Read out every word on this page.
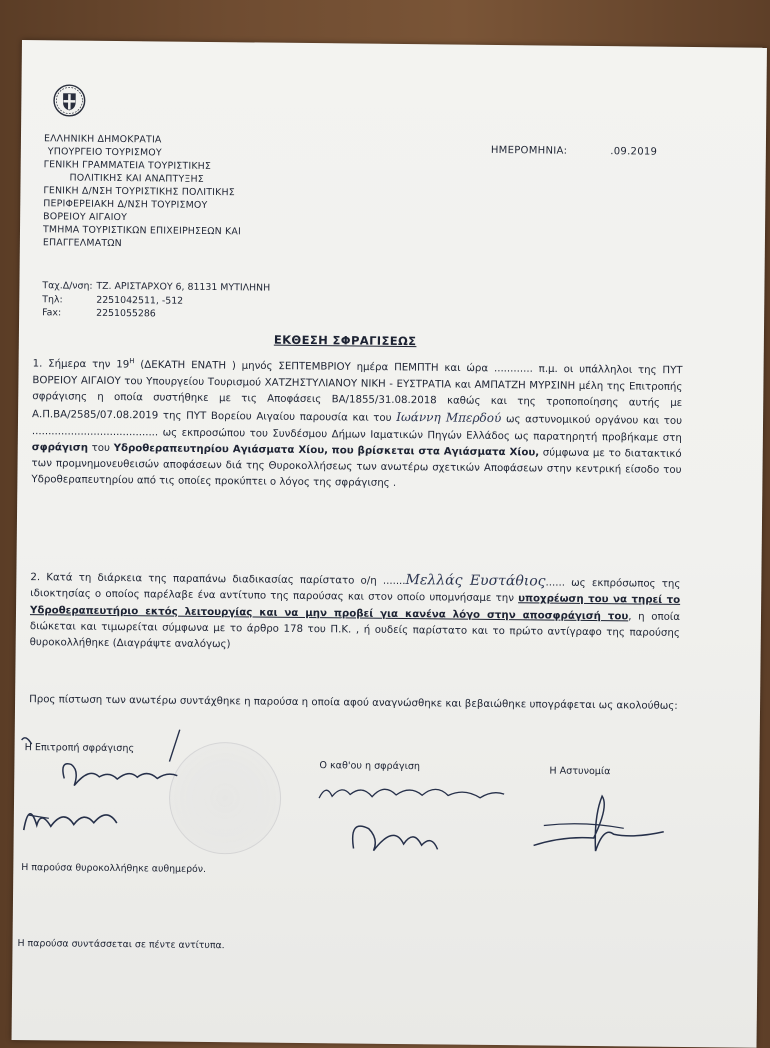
ΕΛΛΗΝΙΚΗ ΔΗΜΟΚΡΑΤΙΑ
ΥΠΟΥΡΓΕΙΟ ΤΟΥΡΙΣΜΟΥ
ΓΕΝΙΚΗ ΓΡΑΜΜΑΤΕΙΑ ΤΟΥΡΙΣΤΙΚΗΣ
ΠΟΛΙΤΙΚΗΣ ΚΑΙ ΑΝΑΠΤΥΞΗΣ
ΓΕΝΙΚΗ Δ/ΝΣΗ ΤΟΥΡΙΣΤΙΚΗΣ ΠΟΛΙΤΙΚΗΣ
ΠΕΡΙΦΕΡΕΙΑΚΗ Δ/ΝΣΗ ΤΟΥΡΙΣΜΟΥ
ΒΟΡΕΙΟΥ ΑΙΓΑΙΟΥ
ΤΜΗΜΑ ΤΟΥΡΙΣΤΙΚΩΝ ΕΠΙΧΕΙΡΗΣΕΩΝ ΚΑΙ
ΕΠΑΓΓΕΛΜΑΤΩΝ
Ταχ.Δ/νση: ΤΖ. ΑΡΙΣΤΑΡΧΟΥ 6, 81131 ΜΥΤΙΛΗΝΗ
Τηλ:	2251042511, -512
Fax:	2251055286
ΗΜΕΡΟΜΗΝΙΑ:	.09.2019
ΕΚΘΕΣΗ ΣΦΡΑΓΙΣΕΩΣ
1. Σήμερα την $19^H$ (ΔΕΚΑΤΗ ΕΝΑΤΗ ) μηνός ΣΕΠΤΕΜΒΡΙΟΥ ημέρα ΠΕΜΠΤΗ και ώρα ............ π.μ. οι υπάλληλοι της ΠΥΤ ΒΟΡΕΙΟΥ ΑΙΓΑΙΟΥ του Υπουργείου Τουρισμού ΧΑΤΖΗΣΤΥΛΙΑΝΟΥ ΝΙΚΗ - ΕΥΣΤΡΑΤΙΑ και ΑΜΠΑΤΖΗ ΜΥΡΣΙΝΗ μέλη της Επιτροπής σφράγισης η οποία συστήθηκε με τις Αποφάσεις ΒΑ/1855/31.08.2018 καθώς και της τροποποίησης αυτής με Α.Π.ΒΑ/2585/07.08.2019 της ΠΥΤ Βορείου Αιγαίου παρουσία και του Ιωάννη Μπερδού ως αστυνομικού οργάνου και του ....................................... ως εκπροσώπου του Συνδέσμου Δήμων Ιαματικών Πηγών Ελλάδος ως παρατηρητή προβήκαμε στη σφράγιση του Υδροθεραπευτηρίου Αγιάσματα Χίου, που βρίσκεται στα Αγιάσματα Χίου, σύμφωνα με το διατακτικό των προμνημονευθεισών αποφάσεων διά της Θυροκολλήσεως των ανωτέρω σχετικών Αποφάσεων στην κεντρική είσοδο του Υδροθεραπευτηρίου από τις οποίες προκύπτει ο λόγος της σφράγισης .
2. Κατά τη διάρκεια της παραπάνω διαδικασίας παρίστατο ο/η .......Μελλάς Ευστάθιος...... ως εκπρόσωπος της ιδιοκτησίας ο οποίος παρέλαβε ένα αντίτυπο της παρούσας και στον οποίο υπομνήσαμε την υποχρέωση του να τηρεί το Υδροθεραπευτήριο εκτός λειτουργίας και να μην προβεί για κανένα λόγο στην αποσφράγισή του, η οποία διώκεται και τιμωρείται σύμφωνα με το άρθρο 178 του Π.Κ. , ή ουδείς παρίστατο και το πρώτο αντίγραφο της παρούσης θυροκολλήθηκε (Διαγράψτε αναλόγως)
Προς πίστωση των ανωτέρω συντάχθηκε η παρούσα η οποία αφού αναγνώσθηκε και βεβαιώθηκε υπογράφεται ως ακολούθως:
Η Επιτροπή σφράγισης
Ο καθ'ου η σφράγιση	Η Αστυνομία
Η παρούσα θυροκολλήθηκε αυθημερόν.
Η παρούσα συντάσσεται σε πέντε αντίτυπα.
